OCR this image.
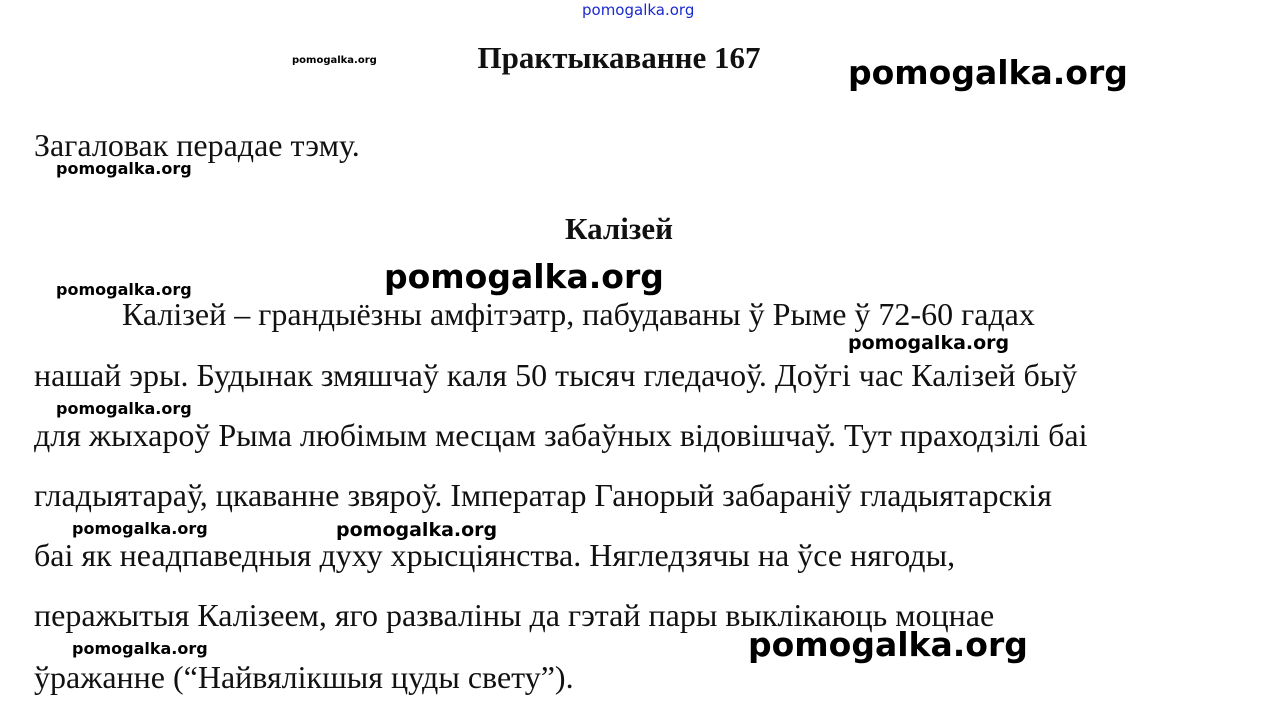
pomogalka.org
Практыкаванне 167
pomogalka.org	pomogalka.org
Загаловак перадае тэму.
pomogalka.org
Калізей
pomogalka.org
pomogalka.org
Калізей – грандыёзны амфітэатр, пабудаваны ў Рыме ў 72-60 гадах
pomogalka.org
нашай эры. Будынак змяшчаў каля 50 тысяч гледачоў. Доўгі час Калізей быў
pomogalka.org
для жыхароў Рыма любімым месцам забаўных відовішчаў. Тут праходзілі баі
гладыятараў, цкаванне звяроў. Імператар Ганорый забараніў гладыятарскія
pomogalka.org	pomogalka.org
баі як неадпаведныя духу хрысціянства. Нягледзячы на ўсе нягоды,
перажытыя Калізеем, яго разваліны да гэтай пары выклікаюць моцнае
pomogalka.org
pomogalka.org
ўражанне (“Найвялікшыя цуды свету”).
